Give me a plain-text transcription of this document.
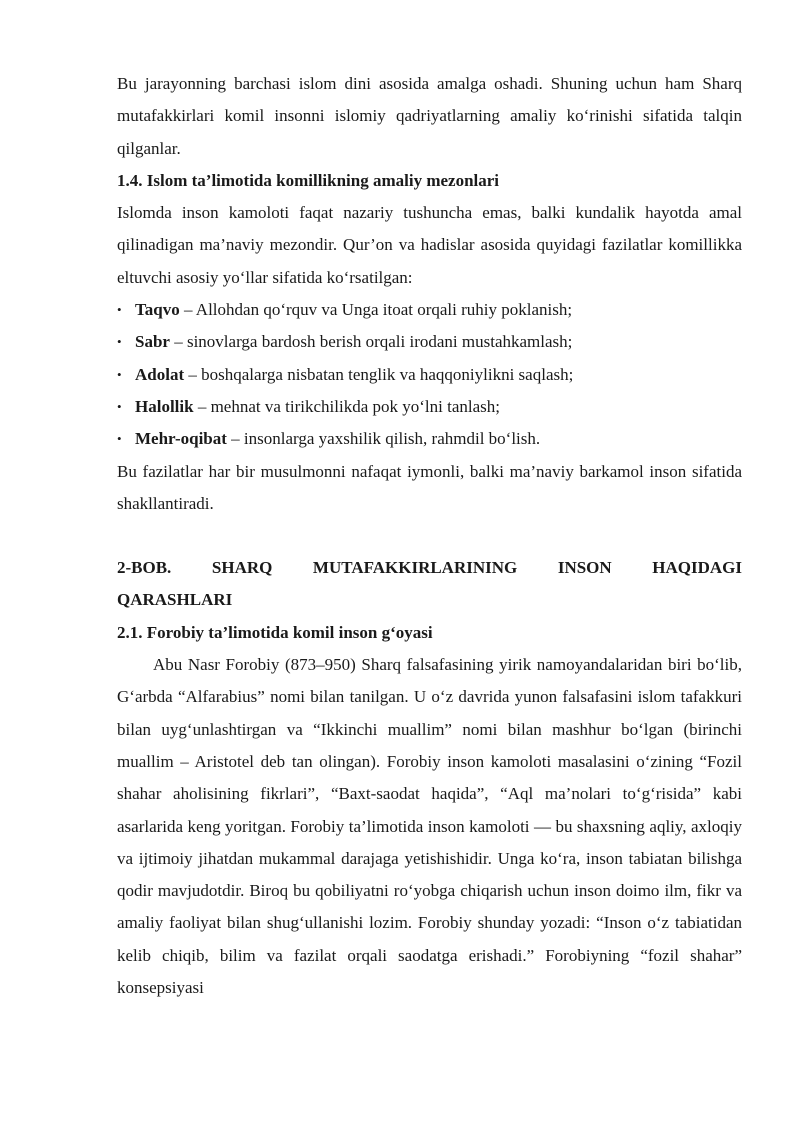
Bu jarayonning barchasi islom dini asosida amalga oshadi. Shuning uchun ham Sharq mutafakkirlari komil insonni islomiy qadriyatlarning amaliy koʻrinishi sifatida talqin qilganlar.

1.4. Islom ta’limotida komillikning amaliy mezonlari

Islomda inson kamoloti faqat nazariy tushuncha emas, balki kundalik hayotda amal qilinadigan ma’naviy mezondir. Qur’on va hadislar asosida quyidagi fazilatlar komillikka eltuvchi asosiy yoʻllar sifatida koʻrsatilgan:

• Taqvo – Allohdan qoʻrquv va Unga itoat orqali ruhiy poklanish;
• Sabr – sinovlarga bardosh berish orqali irodani mustahkamlash;
• Adolat – boshqalarga nisbatan tenglik va haqqoniylikni saqlash;
• Halollik – mehnat va tirikchilikda pok yoʻlni tanlash;
• Mehr-oqibat – insonlarga yaxshilik qilish, rahmdil boʻlish.

Bu fazilatlar har bir musulmonni nafaqat iymonli, balki ma’naviy barkamol inson sifatida shakllantiradi.

2-BOB. SHARQ MUTAFAKKIRLARINING INSON HAQIDAGI
QARASHLARI
2.1. Forobiy ta’limotida komil inson gʻoyasi

Abu Nasr Forobiy (873–950) Sharq falsafasining yirik namoyandalaridan biri boʻlib, Gʻarbda “Alfarabius” nomi bilan tanilgan. U oʻz davrida yunon falsafasini islom tafakkuri bilan uygʻunlashtirgan va “Ikkinchi muallim” nomi bilan mashhur boʻlgan (birinchi muallim – Aristotel deb tan olingan). Forobiy inson kamoloti masalasini oʻzining “Fozil shahar aholisining fikrlari”, “Baxt-saodat haqida”, “Aql ma’nolari toʻgʻrisida” kabi asarlarida keng yoritgan. Forobiy ta’limotida inson kamoloti — bu shaxsning aqliy, axloqiy va ijtimoiy jihatdan mukammal darajaga yetishishidir. Unga koʻra, inson tabiatan bilishga qodir mavjudotdir. Biroq bu qobiliyatni roʻyobga chiqarish uchun inson doimo ilm, fikr va amaliy faoliyat bilan shugʻullanishi lozim. Forobiy shunday yozadi: “Inson oʻz tabiatidan kelib chiqib, bilim va fazilat orqali saodatga erishadi.” Forobiyning “fozil shahar” konsepsiyasi
